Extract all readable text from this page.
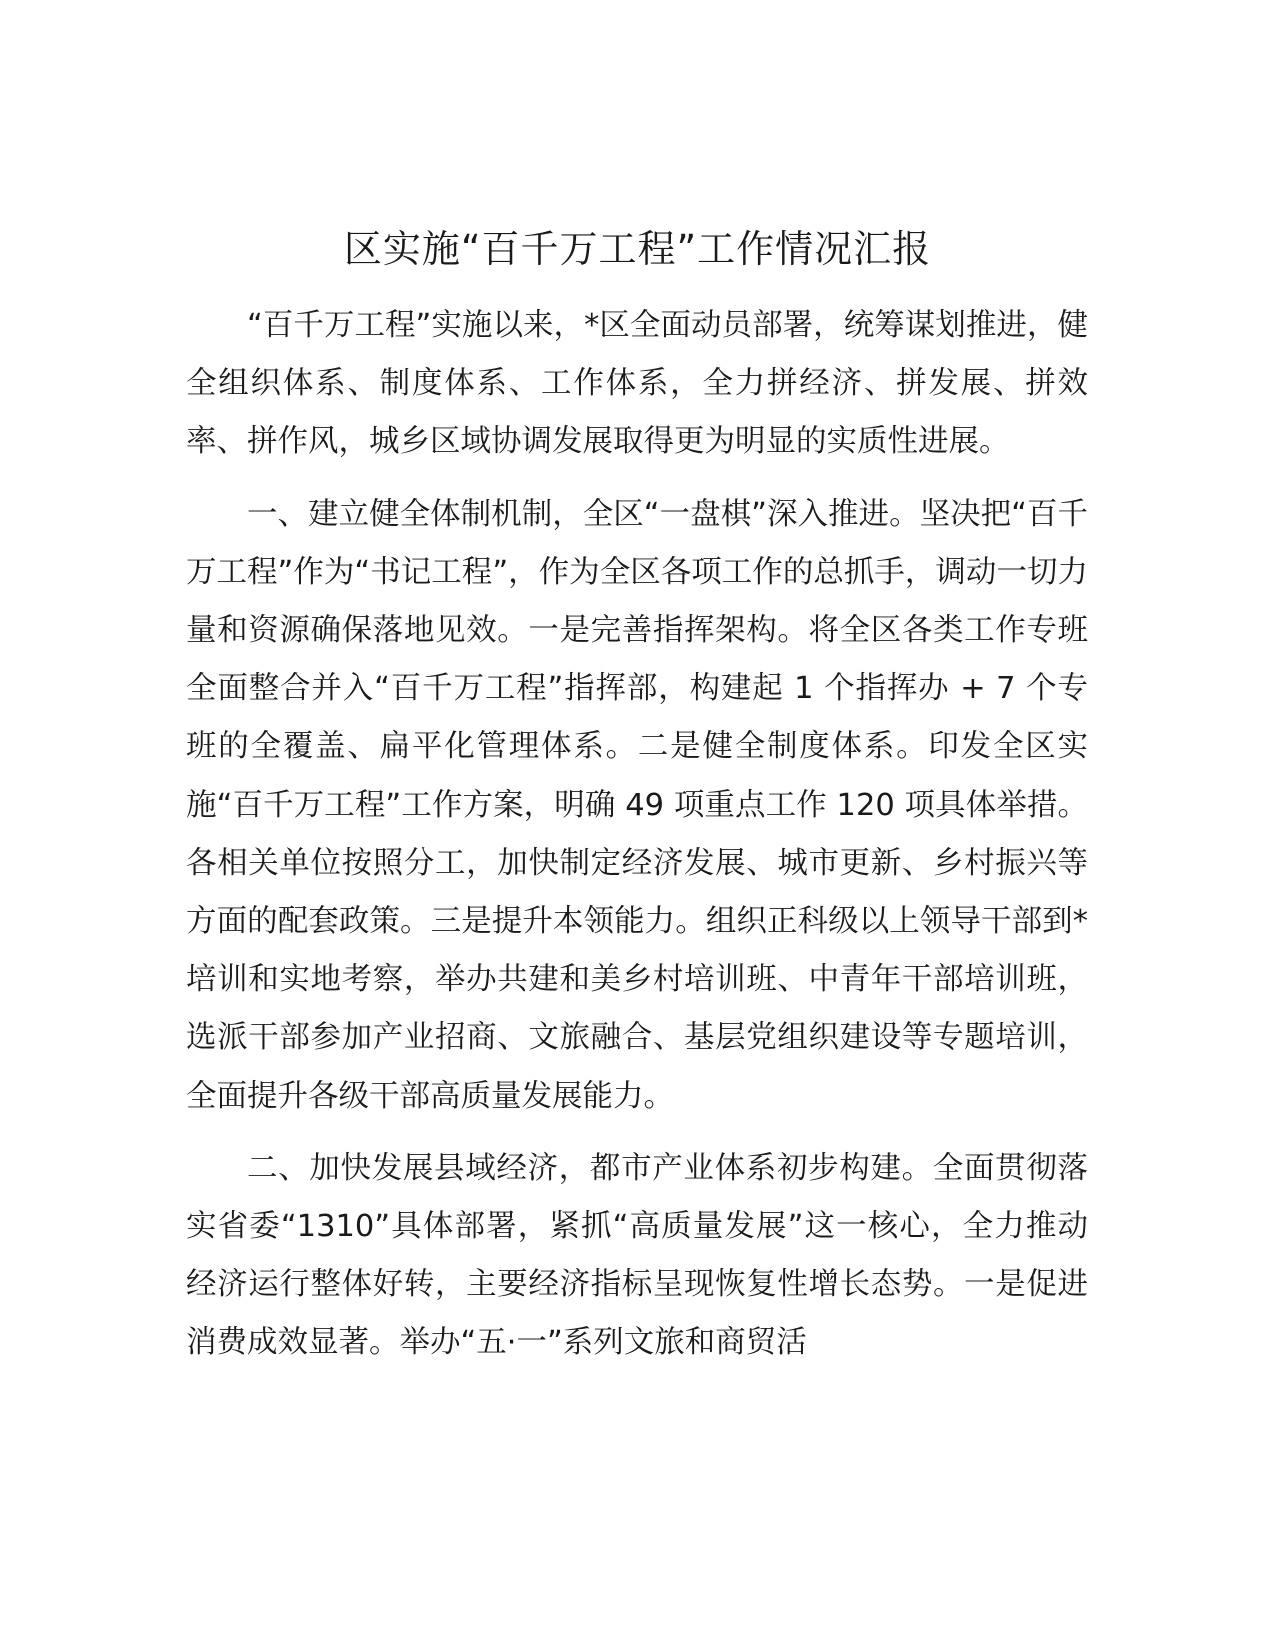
区实施“百千万工程”工作情况汇报

“百千万工程”实施以来，*区全面动员部署，统筹谋划推进，健全组织体系、制度体系、工作体系，全力拼经济、拼发展、拼效率、拼作风，城乡区域协调发展取得更为明显的实质性进展。

一、建立健全体制机制，全区“一盘棋”深入推进。坚决把“百千万工程”作为“书记工程”，作为全区各项工作的总抓手，调动一切力量和资源确保落地见效。一是完善指挥架构。将全区各类工作专班全面整合并入“百千万工程”指挥部，构建起 1 个指挥办 + 7 个专班的全覆盖、扁平化管理体系。二是健全制度体系。印发全区实施“百千万工程”工作方案，明确 49 项重点工作 120 项具体举措。各相关单位按照分工，加快制定经济发展、城市更新、乡村振兴等方面的配套政策。三是提升本领能力。组织正科级以上领导干部到*培训和实地考察，举办共建和美乡村培训班、中青年干部培训班，选派干部参加产业招商、文旅融合、基层党组织建设等专题培训，全面提升各级干部高质量发展能力。

二、加快发展县域经济，都市产业体系初步构建。全面贯彻落实省委“1310”具体部署，紧抓“高质量发展”这一核心，全力推动经济运行整体好转，主要经济指标呈现恢复性增长态势。一是促进消费成效显著。举办“五·一”系列文旅和商贸活
